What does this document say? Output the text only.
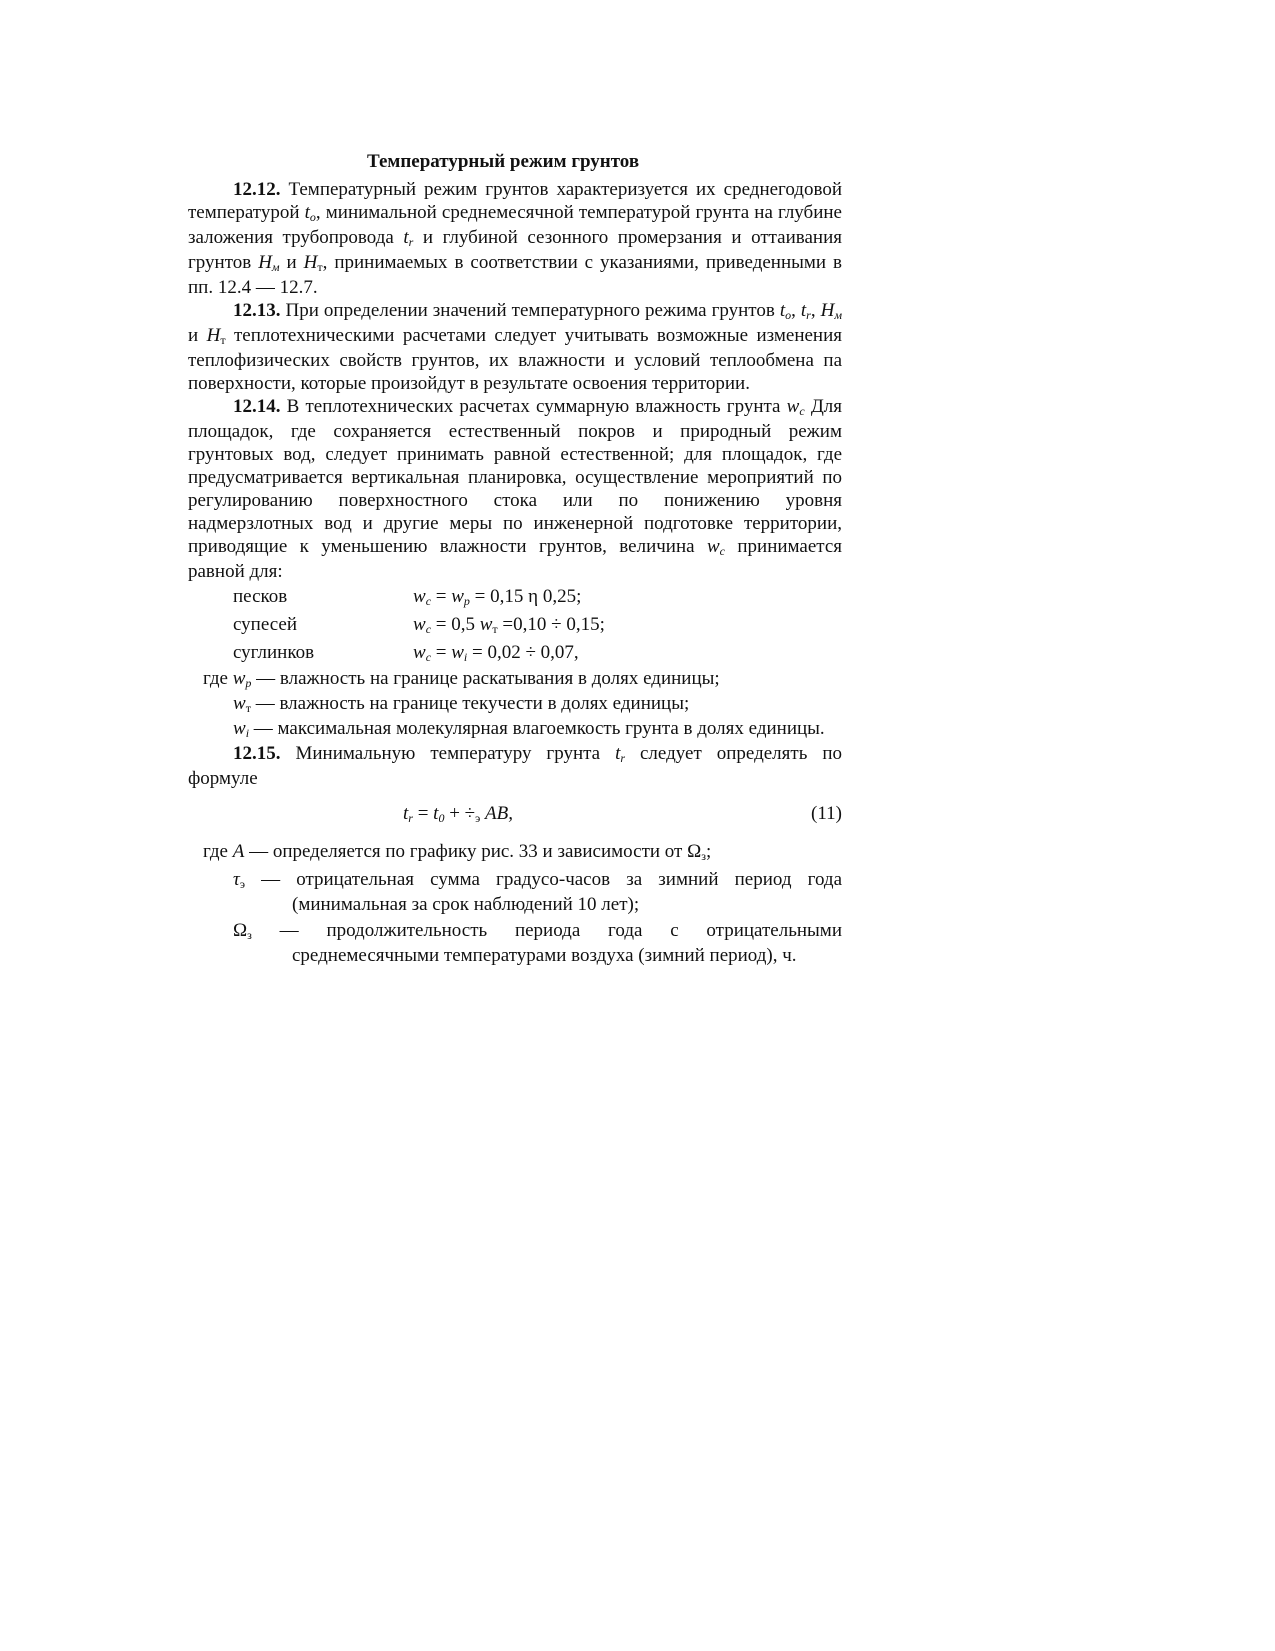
Температурный режим грунтов

12.12. Температурный режим грунтов характеризуется их среднегодовой температурой to, минимальной среднемесячной температурой грунта на глубине заложения трубопровода tr и глубиной сезонного промерзания и оттаивания грунтов Hм и Hт, принимаемых в соответствии с указаниями, приведенными в пп. 12.4 — 12.7.

12.13. При определении значений температурного режима грунтов to, tr, Hм и Hт теплотехническими расчетами следует учитывать возможные изменения теплофизических свойств грунтов, их влажности и условий теплообмена па поверхности, которые произойдут в результате освоения территории.

12.14. В теплотехнических расчетах суммарную влажность грунта wc Для площадок, где сохраняется естественный покров и природный режим грунтовых вод, следует принимать равной естественной; для площадок, где предусматривается вертикальная планировка, осуществление мероприятий по регулированию поверхностного стока или по понижению уровня надмерзлотных вод и другие меры по инженерной подготовке территории, приводящие к уменьшению влажности грунтов, величина wc принимается равной для:

песков	wc = wp = 0,15 η 0,25;
супесей	wc = 0,5 wт =0,10 ÷ 0,15;
суглинков	wc = wi = 0,02 ÷ 0,07,

где wp — влажность на границе раскатывания в долях единицы;

wт — влажность на границе текучести в долях единицы;

wi — максимальная молекулярная влагоемкость грунта в долях единицы.

12.15. Минимальную температуру грунта tr следует определять по формуле

tr = t0 + ÷э AB,	(11)

где A — определяется по графику рис. 33 и зависимости от Ωз;

τэ — отрицательная сумма градусо-часов за зимний период года (минимальная за срок наблюдений 10 лет);

Ωз — продолжительность периода года с отрицательными среднемесячными температурами воздуха (зимний период), ч.
